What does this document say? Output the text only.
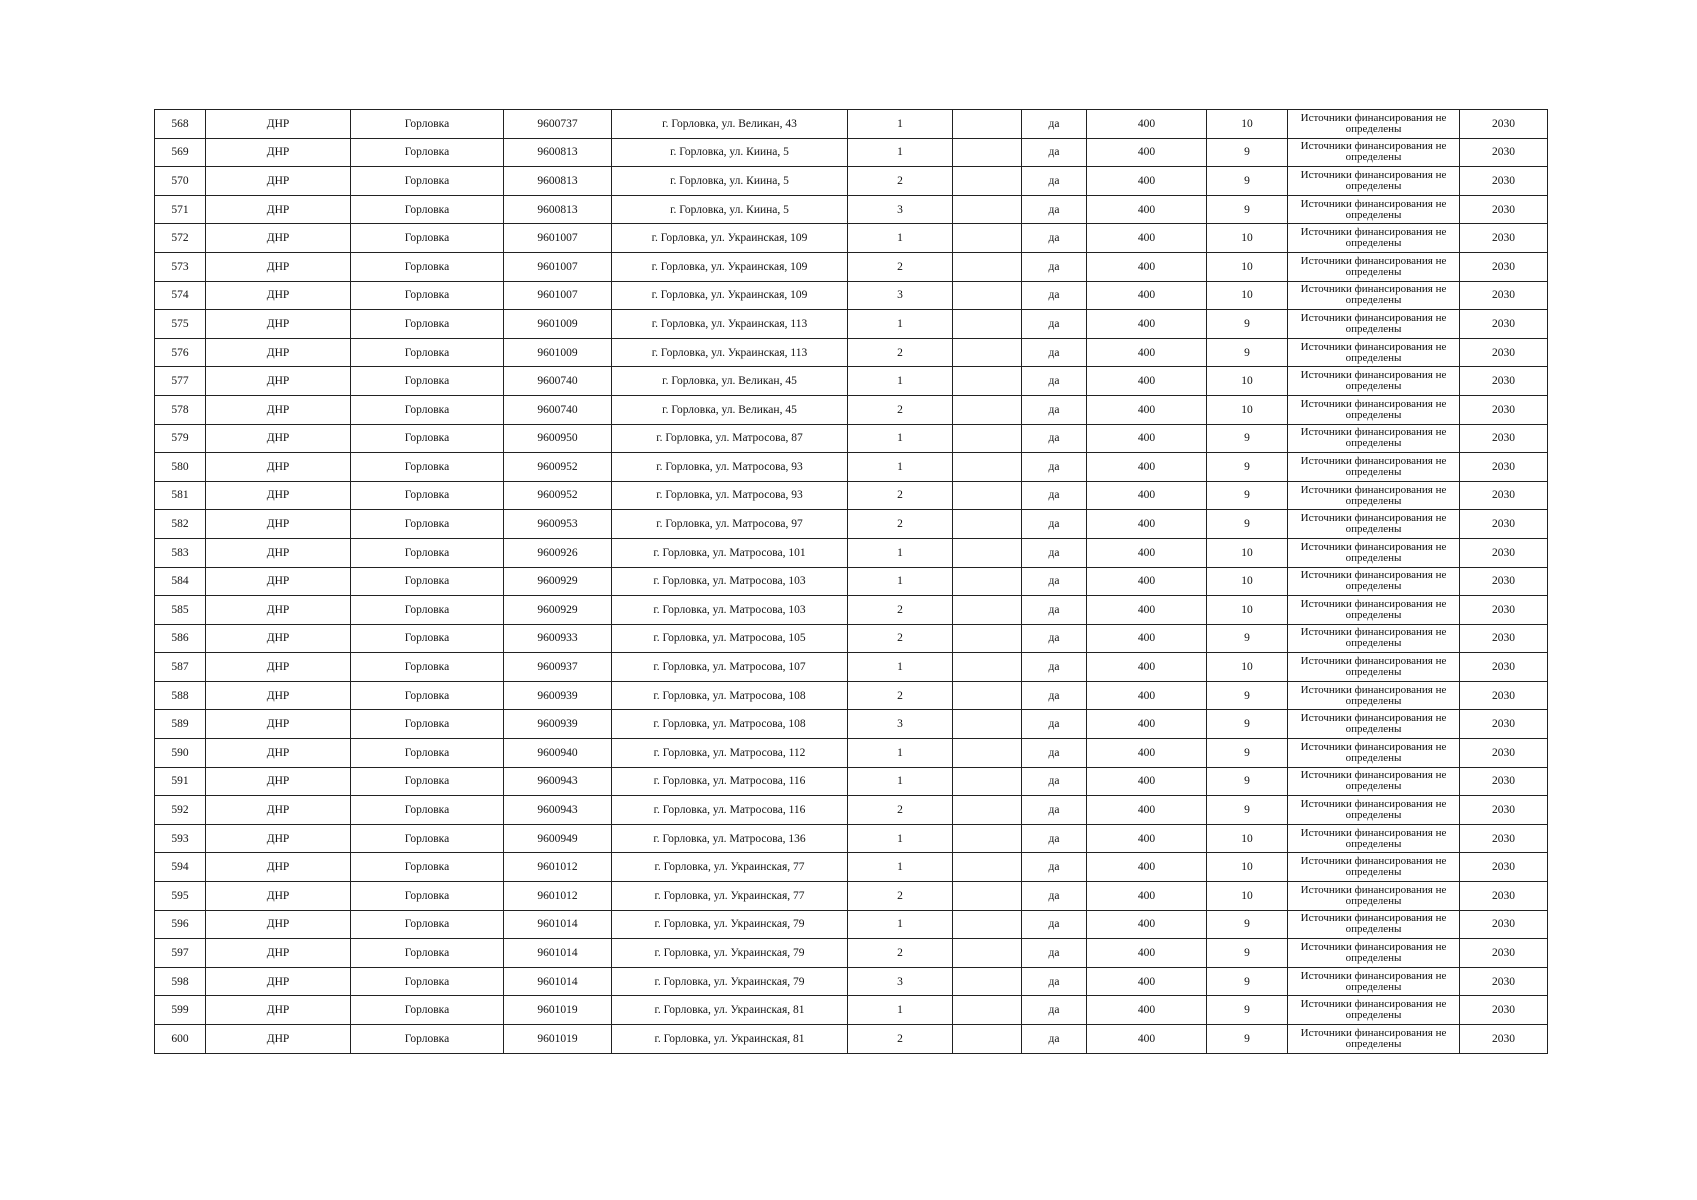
568	ДНР	Горловка	9600737	г. Горловка, ул. Великан, 43	1		да	400	10	Источники финансирования не определены	2030
569	ДНР	Горловка	9600813	г. Горловка, ул. Киина, 5	1		да	400	9	Источники финансирования не определены	2030
570	ДНР	Горловка	9600813	г. Горловка, ул. Киина, 5	2		да	400	9	Источники финансирования не определены	2030
571	ДНР	Горловка	9600813	г. Горловка, ул. Киина, 5	3		да	400	9	Источники финансирования не определены	2030
572	ДНР	Горловка	9601007	г. Горловка, ул. Украинская, 109	1		да	400	10	Источники финансирования не определены	2030
573	ДНР	Горловка	9601007	г. Горловка, ул. Украинская, 109	2		да	400	10	Источники финансирования не определены	2030
574	ДНР	Горловка	9601007	г. Горловка, ул. Украинская, 109	3		да	400	10	Источники финансирования не определены	2030
575	ДНР	Горловка	9601009	г. Горловка, ул. Украинская, 113	1		да	400	9	Источники финансирования не определены	2030
576	ДНР	Горловка	9601009	г. Горловка, ул. Украинская, 113	2		да	400	9	Источники финансирования не определены	2030
577	ДНР	Горловка	9600740	г. Горловка, ул. Великан, 45	1		да	400	10	Источники финансирования не определены	2030
578	ДНР	Горловка	9600740	г. Горловка, ул. Великан, 45	2		да	400	10	Источники финансирования не определены	2030
579	ДНР	Горловка	9600950	г. Горловка, ул. Матросова, 87	1		да	400	9	Источники финансирования не определены	2030
580	ДНР	Горловка	9600952	г. Горловка, ул. Матросова, 93	1		да	400	9	Источники финансирования не определены	2030
581	ДНР	Горловка	9600952	г. Горловка, ул. Матросова, 93	2		да	400	9	Источники финансирования не определены	2030
582	ДНР	Горловка	9600953	г. Горловка, ул. Матросова, 97	2		да	400	9	Источники финансирования не определены	2030
583	ДНР	Горловка	9600926	г. Горловка, ул. Матросова, 101	1		да	400	10	Источники финансирования не определены	2030
584	ДНР	Горловка	9600929	г. Горловка, ул. Матросова, 103	1		да	400	10	Источники финансирования не определены	2030
585	ДНР	Горловка	9600929	г. Горловка, ул. Матросова, 103	2		да	400	10	Источники финансирования не определены	2030
586	ДНР	Горловка	9600933	г. Горловка, ул. Матросова, 105	2		да	400	9	Источники финансирования не определены	2030
587	ДНР	Горловка	9600937	г. Горловка, ул. Матросова, 107	1		да	400	10	Источники финансирования не определены	2030
588	ДНР	Горловка	9600939	г. Горловка, ул. Матросова, 108	2		да	400	9	Источники финансирования не определены	2030
589	ДНР	Горловка	9600939	г. Горловка, ул. Матросова, 108	3		да	400	9	Источники финансирования не определены	2030
590	ДНР	Горловка	9600940	г. Горловка, ул. Матросова, 112	1		да	400	9	Источники финансирования не определены	2030
591	ДНР	Горловка	9600943	г. Горловка, ул. Матросова, 116	1		да	400	9	Источники финансирования не определены	2030
592	ДНР	Горловка	9600943	г. Горловка, ул. Матросова, 116	2		да	400	9	Источники финансирования не определены	2030
593	ДНР	Горловка	9600949	г. Горловка, ул. Матросова, 136	1		да	400	10	Источники финансирования не определены	2030
594	ДНР	Горловка	9601012	г. Горловка, ул. Украинская, 77	1		да	400	10	Источники финансирования не определены	2030
595	ДНР	Горловка	9601012	г. Горловка, ул. Украинская, 77	2		да	400	10	Источники финансирования не определены	2030
596	ДНР	Горловка	9601014	г. Горловка, ул. Украинская, 79	1		да	400	9	Источники финансирования не определены	2030
597	ДНР	Горловка	9601014	г. Горловка, ул. Украинская, 79	2		да	400	9	Источники финансирования не определены	2030
598	ДНР	Горловка	9601014	г. Горловка, ул. Украинская, 79	3		да	400	9	Источники финансирования не определены	2030
599	ДНР	Горловка	9601019	г. Горловка, ул. Украинская, 81	1		да	400	9	Источники финансирования не определены	2030
600	ДНР	Горловка	9601019	г. Горловка, ул. Украинская, 81	2		да	400	9	Источники финансирования не определены	2030
